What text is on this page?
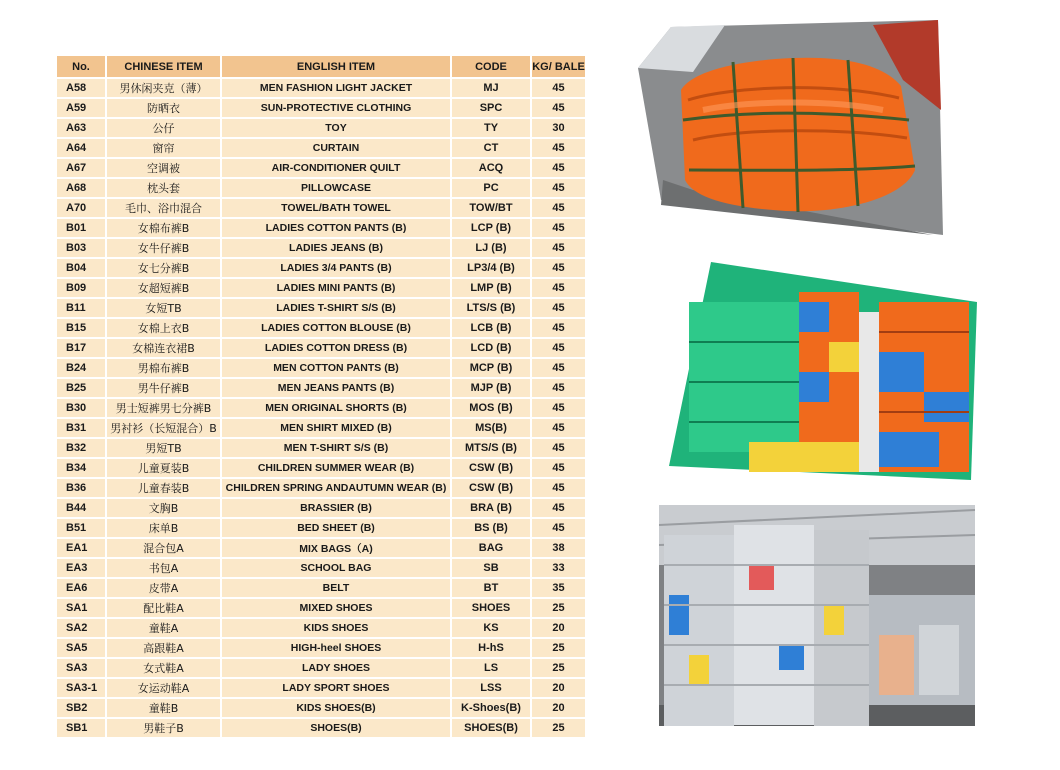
No.	CHINESE ITEM	ENGLISH ITEM	CODE	KG/ BALE
A58	男休闲夹克（薄）	MEN FASHION LIGHT JACKET	MJ	45
A59	防晒衣	SUN-PROTECTIVE CLOTHING	SPC	45
A63	公仔	TOY	TY	30
A64	窗帘	CURTAIN	CT	45
A67	空调被	AIR-CONDITIONER QUILT	ACQ	45
A68	枕头套	PILLOWCASE	PC	45
A70	毛巾、浴巾混合	TOWEL/BATH TOWEL	TOW/BT	45
B01	女棉布裤B	LADIES COTTON PANTS (B)	LCP (B)	45
B03	女牛仔裤B	LADIES JEANS (B)	LJ (B)	45
B04	女七分裤B	LADIES 3/4 PANTS (B)	LP3/4 (B)	45
B09	女超短裤B	LADIES MINI PANTS (B)	LMP (B)	45
B11	女短TB	LADIES T-SHIRT S/S (B)	LTS/S (B)	45
B15	女棉上衣B	LADIES COTTON BLOUSE (B)	LCB (B)	45
B17	女棉连衣裙B	LADIES COTTON DRESS (B)	LCD (B)	45
B24	男棉布裤B	MEN COTTON PANTS (B)	MCP (B)	45
B25	男牛仔裤B	MEN JEANS PANTS (B)	MJP (B)	45
B30	男士短裤男七分裤B	MEN ORIGINAL SHORTS (B)	MOS (B)	45
B31	男衬衫（长短混合）B	MEN SHIRT MIXED (B)	MS(B)	45
B32	男短TB	MEN T-SHIRT S/S (B)	MTS/S (B)	45
B34	儿童夏装B	CHILDREN SUMMER WEAR (B)	CSW (B)	45
B36	儿童春装B	CHILDREN SPRING ANDAUTUMN WEAR (B)	CSW (B)	45
B44	文胸B	BRASSIER (B)	BRA (B)	45
B51	床单B	BED SHEET (B)	BS (B)	45
EA1	混合包A	MIX BAGS（A)	BAG	38
EA3	书包A	SCHOOL BAG	SB	33
EA6	皮带A	BELT	BT	35
SA1	配比鞋A	MIXED SHOES	SHOES	25
SA2	童鞋A	KIDS SHOES	KS	20
SA5	高跟鞋A	HIGH-heel SHOES	H-hS	25
SA3	女式鞋A	LADY SHOES	LS	25
SA3-1	女运动鞋A	LADY SPORT SHOES	LSS	20
SB2	童鞋B	KIDS SHOES(B)	K-Shoes(B)	20
SB1	男鞋子B	SHOES(B)	SHOES(B)	25
